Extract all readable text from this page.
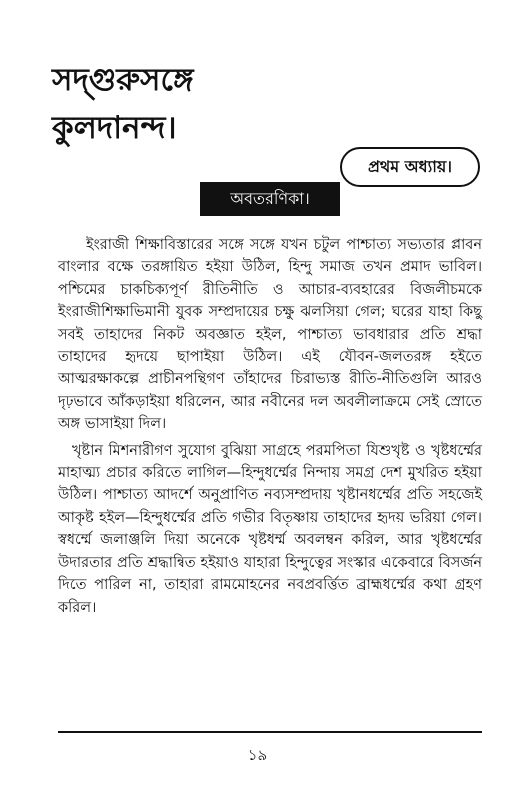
সদ্গুরুসঙ্গে
কুলদানন্দ।
প্রথম অধ্যায়।
অবতরণিকা।

ইংরাজী শিক্ষাবিস্তারের সঙ্গে সঙ্গে যখন চটুল পাশ্চাত্য সভ্যতার প্লাবন বাংলার বক্ষে তরঙ্গায়িত হইয়া উঠিল, হিন্দু সমাজ তখন প্রমাদ ভাবিল। পশ্চিমের চাকচিক্যপূর্ণ রীতিনীতি ও আচার-ব্যবহারের বিজলীচমকে ইংরাজীশিক্ষাভিমানী যুবক সম্প্রদায়ের চক্ষু ঝলসিয়া গেল; ঘরের যাহা কিছু সবই তাহাদের নিকট অবজ্ঞাত হইল, পাশ্চাত্য ভাবধারার প্রতি শ্রদ্ধা তাহাদের হৃদয়ে ছাপাইয়া উঠিল। এই যৌবন-জলতরঙ্গ হইতে আত্মরক্ষাকল্পে প্রাচীনপন্থিগণ তাঁহাদের চিরাভ্যস্ত রীতি-নীতিগুলি আরও দৃঢ়ভাবে আঁকড়াইয়া ধরিলেন, আর নবীনের দল অবলীলাক্রমে সেই স্রোতে অঙ্গ ভাসাইয়া দিল।

খৃষ্টান মিশনারীগণ সুযোগ বুঝিয়া সাগ্রহে পরমপিতা যিশুখৃষ্ট ও খৃষ্টধর্ম্মের মাহাত্ম্য প্রচার করিতে লাগিল—হিন্দুধর্ম্মের নিন্দায় সমগ্র দেশ মুখরিত হইয়া উঠিল। পাশ্চাত্য আদর্শে অনুপ্রাণিত নব্যসম্প্রদায় খৃষ্টানধর্ম্মের প্রতি সহজেই আকৃষ্ট হইল—হিন্দুধর্ম্মের প্রতি গভীর বিতৃষ্ণায় তাহাদের হৃদয় ভরিয়া গেল। স্বধর্ম্মে জলাঞ্জলি দিয়া অনেকে খৃষ্টধর্ম্ম অবলম্বন করিল, আর খৃষ্টধর্ম্মের উদারতার প্রতি শ্রদ্ধান্বিত হইয়াও যাহারা হিন্দুত্বের সংস্কার একেবারে বিসর্জন দিতে পারিল না, তাহারা রামমোহনের নবপ্রবর্ত্তিত ব্রাহ্মধর্ম্মের কথা গ্রহণ করিল।

১৯
